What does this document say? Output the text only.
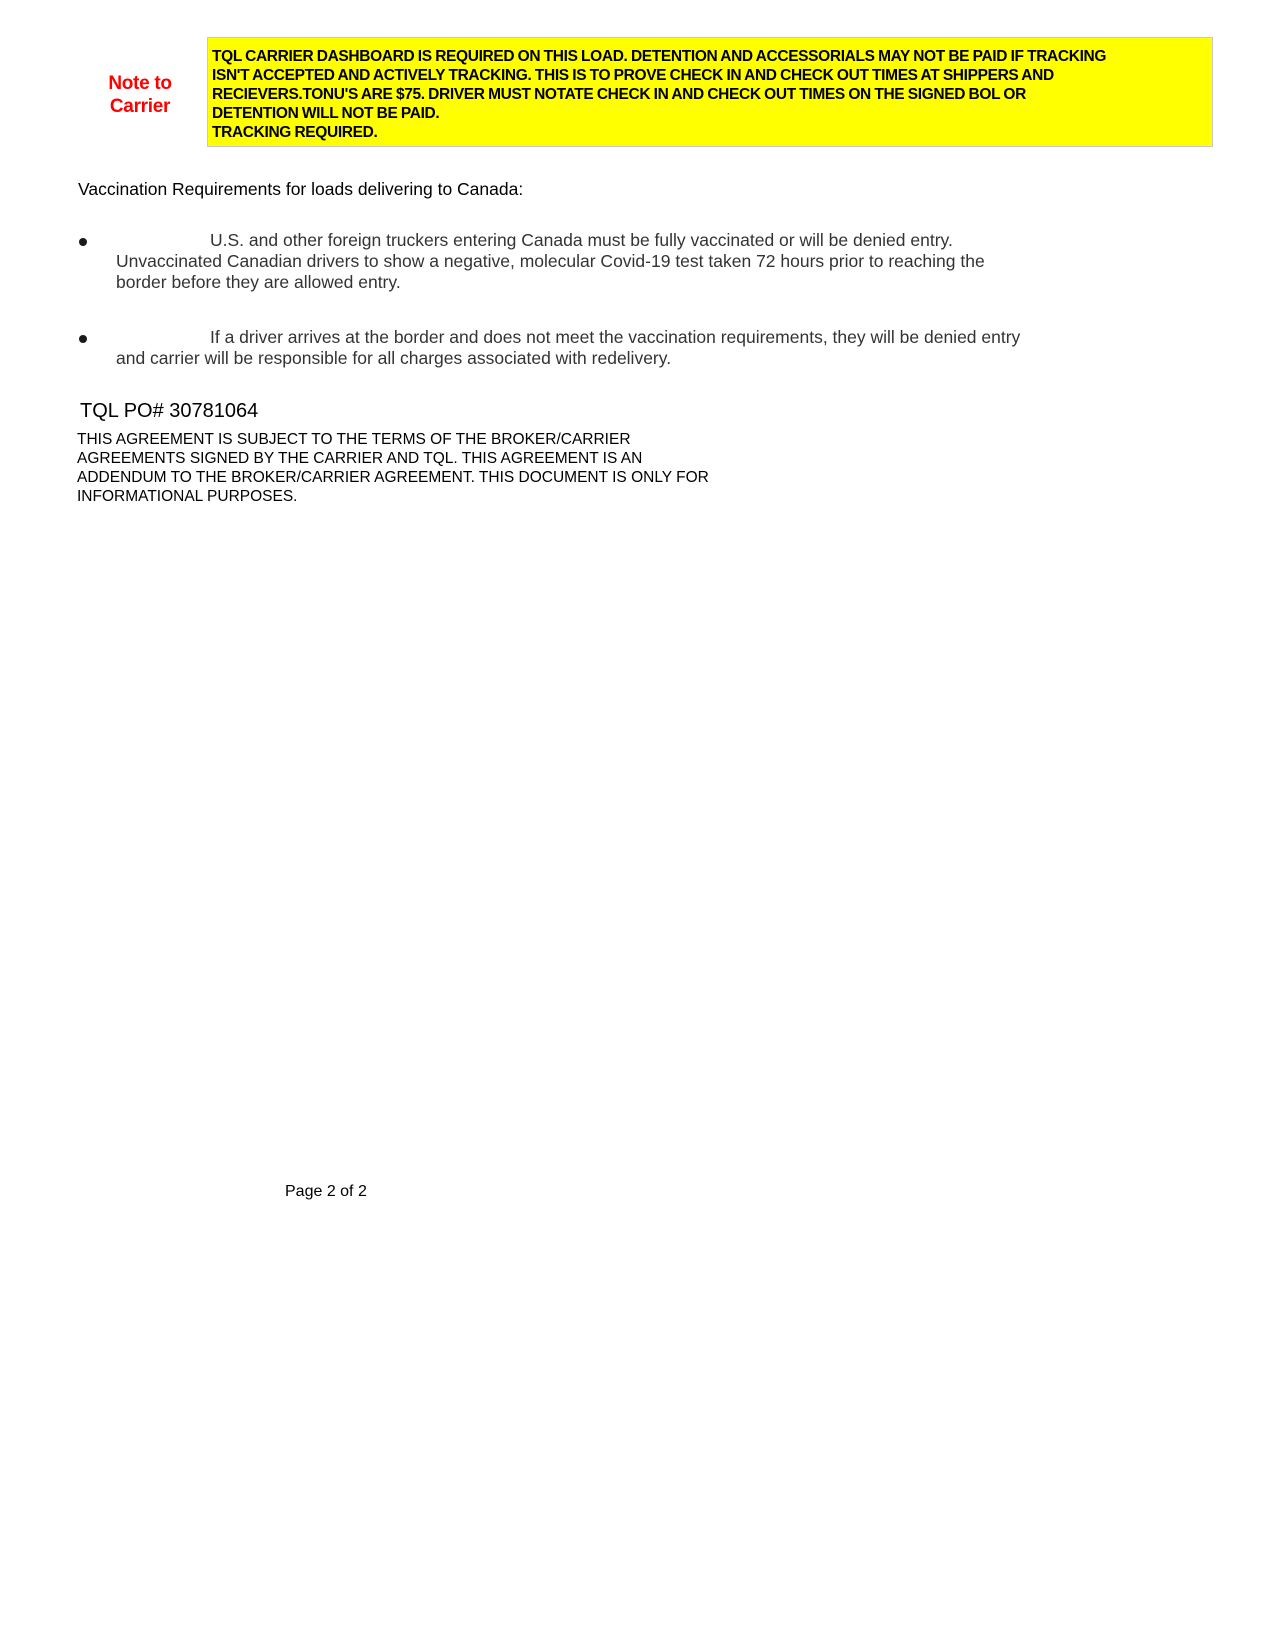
Note to
Carrier
TQL CARRIER DASHBOARD IS REQUIRED ON THIS LOAD. DETENTION AND ACCESSORIALS MAY NOT BE PAID IF TRACKING
ISN'T ACCEPTED AND ACTIVELY TRACKING. THIS IS TO PROVE CHECK IN AND CHECK OUT TIMES AT SHIPPERS AND
RECIEVERS.TONU'S ARE $75. DRIVER MUST NOTATE CHECK IN AND CHECK OUT TIMES ON THE SIGNED BOL OR
DETENTION WILL NOT BE PAID.
TRACKING REQUIRED.
Vaccination Requirements for loads delivering to Canada:
U.S. and other foreign truckers entering Canada must be fully vaccinated or will be denied entry.
Unvaccinated Canadian drivers to show a negative, molecular Covid-19 test taken 72 hours prior to reaching the
border before they are allowed entry.
If a driver arrives at the border and does not meet the vaccination requirements, they will be denied entry
and carrier will be responsible for all charges associated with redelivery.
TQL PO# 30781064
THIS AGREEMENT IS SUBJECT TO THE TERMS OF THE BROKER/CARRIER
AGREEMENTS SIGNED BY THE CARRIER AND TQL. THIS AGREEMENT IS AN
ADDENDUM TO THE BROKER/CARRIER AGREEMENT. THIS DOCUMENT IS ONLY FOR
INFORMATIONAL PURPOSES.
Page 2 of 2
